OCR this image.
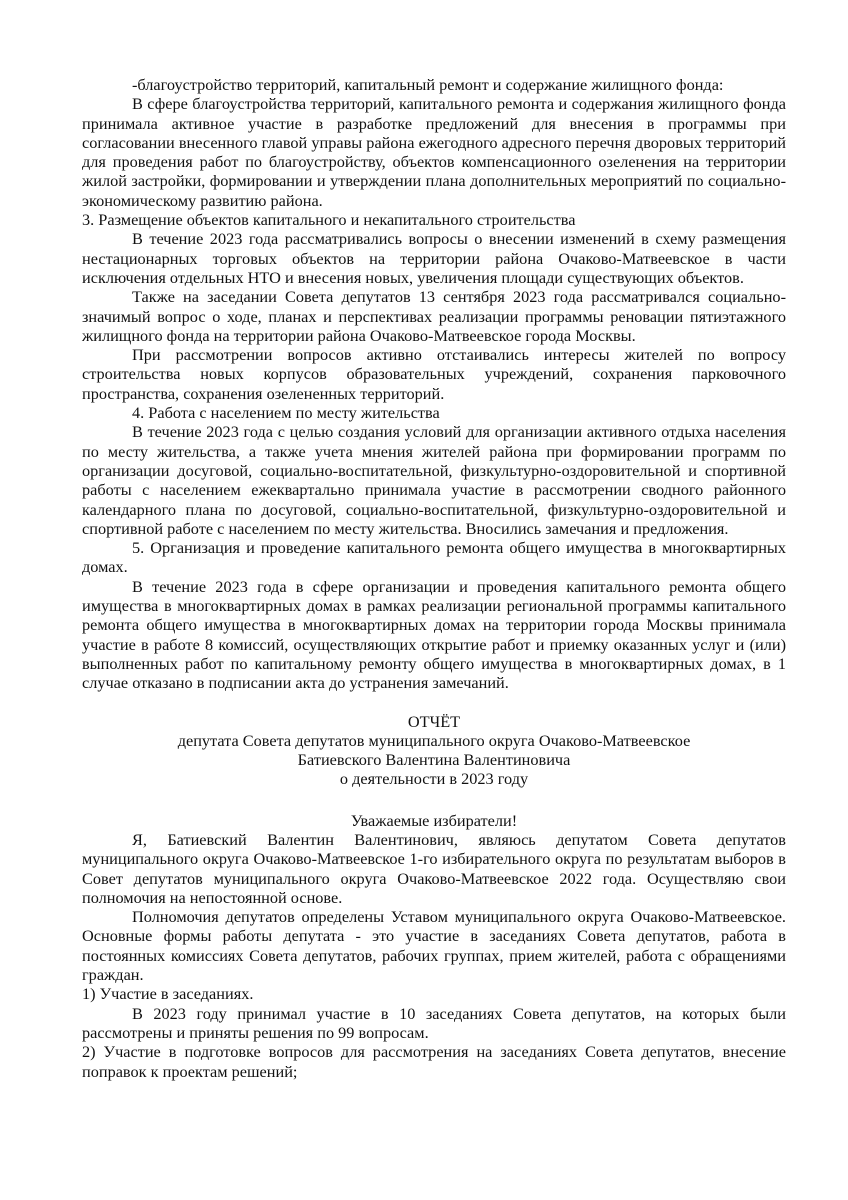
-благоустройство территорий, капитальный ремонт и содержание жилищного фонда:

В сфере благоустройства территорий, капитального ремонта и содержания жилищного фонда принимала активное участие в разработке предложений для внесения в программы при согласовании внесенного главой управы района ежегодного адресного перечня дворовых территорий для проведения работ по благоустройству, объектов компенсационного озеленения на территории жилой застройки, формировании и утверждении плана дополнительных мероприятий по социально-экономическому развитию района.

3. Размещение объектов капитального и некапитального строительства

В течение 2023 года рассматривались вопросы о внесении изменений в схему размещения нестационарных торговых объектов на территории района Очаково-Матвеевское в части исключения отдельных НТО и внесения новых, увеличения площади существующих объектов.

Также на заседании Совета депутатов 13 сентября 2023 года рассматривался социально-значимый вопрос о ходе, планах и перспективах реализации программы реновации пятиэтажного жилищного фонда на территории района Очаково-Матвеевское города Москвы.

При рассмотрении вопросов активно отстаивались интересы жителей по вопросу строительства новых корпусов образовательных учреждений, сохранения парковочного пространства, сохранения озелененных территорий.

4. Работа с населением по месту жительства

В течение 2023 года с целью создания условий для организации активного отдыха населения по месту жительства, а также учета мнения жителей района при формировании программ по организации досуговой, социально-воспитательной, физкультурно-оздоровительной и спортивной работы с населением ежеквартально принимала участие в рассмотрении сводного районного календарного плана по досуговой, социально-воспитательной, физкультурно-оздоровительной и спортивной работе с населением по месту жительства. Вносились замечания и предложения.

5. Организация и проведение капитального ремонта общего имущества в многоквартирных домах.

В течение 2023 года в сфере организации и проведения капитального ремонта общего имущества в многоквартирных домах в рамках реализации региональной программы капитального ремонта общего имущества в многоквартирных домах на территории города Москвы принимала участие в работе 8 комиссий, осуществляющих открытие работ и приемку оказанных услуг и (или) выполненных работ по капитальному ремонту общего имущества в многоквартирных домах, в 1 случае отказано в подписании акта до устранения замечаний.

ОТЧЁТ

депутата Совета депутатов муниципального округа Очаково-Матвеевское

Батиевского Валентина Валентиновича

о деятельности в 2023 году

Уважаемые избиратели!

Я, Батиевский Валентин Валентинович, являюсь депутатом Совета депутатов муниципального округа Очаково-Матвеевское 1-го избирательного округа по результатам выборов в Совет депутатов муниципального округа Очаково-Матвеевское 2022 года. Осуществляю свои полномочия на непостоянной основе.

Полномочия депутатов определены Уставом муниципального округа Очаково-Матвеевское. Основные формы работы депутата - это участие в заседаниях Совета депутатов, работа в постоянных комиссиях Совета депутатов, рабочих группах, прием жителей, работа с обращениями граждан.

1) Участие в заседаниях.

В 2023 году принимал участие в 10 заседаниях Совета депутатов, на которых были рассмотрены и приняты решения по 99 вопросам.

2) Участие в подготовке вопросов для рассмотрения на заседаниях Совета депутатов, внесение поправок к проектам решений;
